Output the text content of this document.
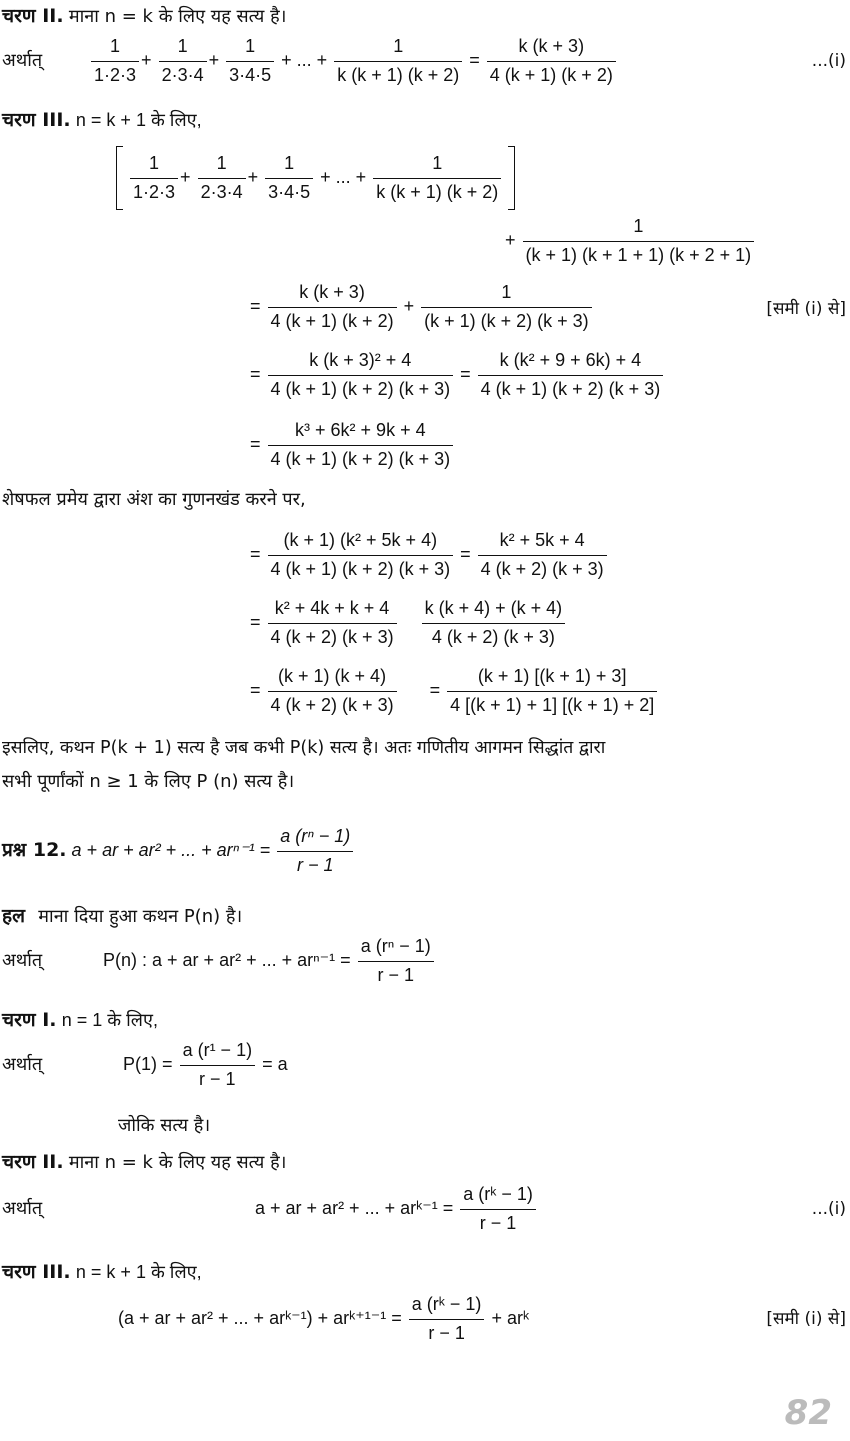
चरण II. माना n = k के लिए यह सत्य है।
अर्थात्	$\frac{1}{1\cdot 2\cdot 3} + \frac{1}{2\cdot 3\cdot 4} + \frac{1}{3\cdot 4\cdot 5}$ + ... + $\frac{1}{k (k + 1) (k + 2)} = \frac{k (k + 3)}{4 (k + 1) (k + 2)}$	...(i)
चरण III. n = k + 1 के लिए,

$\frac{1}{1\cdot 2\cdot 3} + \frac{1}{2\cdot 3\cdot 4} + \frac{1}{3\cdot 4\cdot 5}$ + ... + $\frac{1}{k (k + 1) (k + 2)}$

+ $\frac{1}{(k + 1) (k + 1 + 1) (k + 2 + 1)}$
= $\frac{k (k + 3)}{4 (k + 1) (k + 2)} + \frac{1}{(k + 1) (k + 2) (k + 3)}$	[समी (i) से]
= $\frac{\text{k (k + 3)² + 4}}{4 (k + 1) (k + 2) (k + 3)} = \frac{\text{k (k² + 9 + 6k) + 4}}{4 (k + 1) (k + 2) (k + 3)}$
= $\frac{\text{k³ + 6k² + 9k + 4}}{4 (k + 1) (k + 2) (k + 3)}$
शेषफल प्रमेय द्वारा अंश का गुणनखंड करने पर,
= $\frac{\text{(k + 1) (k² + 5k + 4)}}{4 (k + 1) (k + 2) (k + 3)} = \frac{\text{k² + 5k + 4}}{4 (k + 2) (k + 3)}$
= $\frac{\text{k² + 4k + k + 4}}{4 (k + 2) (k + 3)}$
$\frac{k (k + 4) + (k + 4)}{4 (k + 2) (k + 3)}$
= $\frac{(k + 1) (k + 4)}{4 (k + 2) (k + 3)} = \frac{(k + 1) [(k + 1) + 3]}{4 [(k + 1) + 1] [(k + 1) + 2]}$
इसलिए, कथन P(k + 1) सत्य है जब कभी P(k) सत्य है। अतः गणितीय आगमन सिद्धांत द्वारा
सभी पूर्णांकों n ≥ 1 के लिए P (n) सत्य है।
प्रश्न 12. a + ar + ar² + ... + $ar^{n-1} = \frac{\text{a (rⁿ − 1)}}{r - 1}$
हल माना दिया हुआ कथन P(n) है।
अर्थात्	P(n) : a + ar + ar² + ... + $ar^{n-1} = \frac{\text{a (rⁿ − 1)}}{r - 1}$
चरण I. n = 1 के लिए,
अर्थात्	$P(1) = \frac{\text{a (r¹ − 1)}}{r - 1} = a$
जोकि सत्य है।
चरण II. माना n = k के लिए यह सत्य है।
अर्थात्	a + ar + ar² + ... + arᵏ⁻¹ = $\frac{\text{a (rᵏ − 1)}}{r - 1}$	...(i)
चरण III. n = k + 1 के लिए,
(a + ar + ar² + ... + arᵏ⁻¹) + arᵏ⁺¹⁻¹ = $\frac{\text{a (rᵏ − 1)}}{r - 1}$ + arᵏ	[समी (i) से]
82
